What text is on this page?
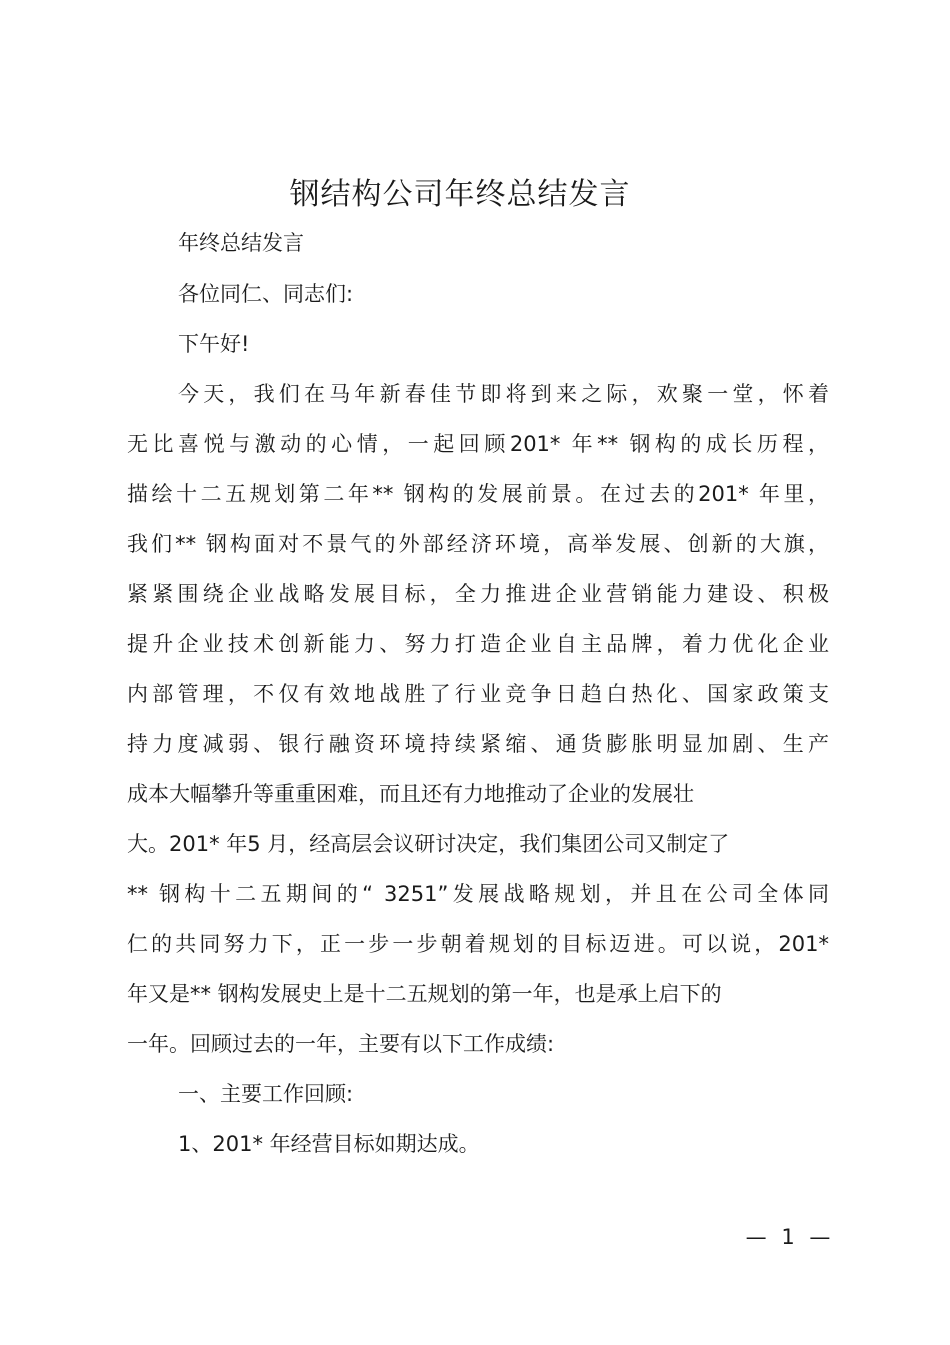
钢结构公司年终总结发言
年终总结发言
各位同仁、同志们:
下午好!
今天，我们在马年新春佳节即将到来之际，欢聚一堂，怀着
无比喜悦与激动的心情，一起回顾201* 年** 钢构的成长历程，
描绘十二五规划第二年** 钢构的发展前景。在过去的201* 年里，
我们** 钢构面对不景气的外部经济环境，高举发展、创新的大旗，
紧紧围绕企业战略发展目标，全力推进企业营销能力建设、积极
提升企业技术创新能力、努力打造企业自主品牌，着力优化企业
内部管理，不仅有效地战胜了行业竞争日趋白热化、国家政策支
持力度减弱、银行融资环境持续紧缩、通货膨胀明显加剧、生产
成本大幅攀升等重重困难，而且还有力地推动了企业的发展壮
大。201* 年5 月，经高层会议研讨决定，我们集团公司又制定了
** 钢构十二五期间的“ 3251”发展战略规划，并且在公司全体同
仁的共同努力下，正一步一步朝着规划的目标迈进。可以说，201*
年又是** 钢构发展史上是十二五规划的第一年，也是承上启下的
一年。回顾过去的一年，主要有以下工作成绩:
一、主要工作回顾:
1、201* 年经营目标如期达成。
— 1 —
